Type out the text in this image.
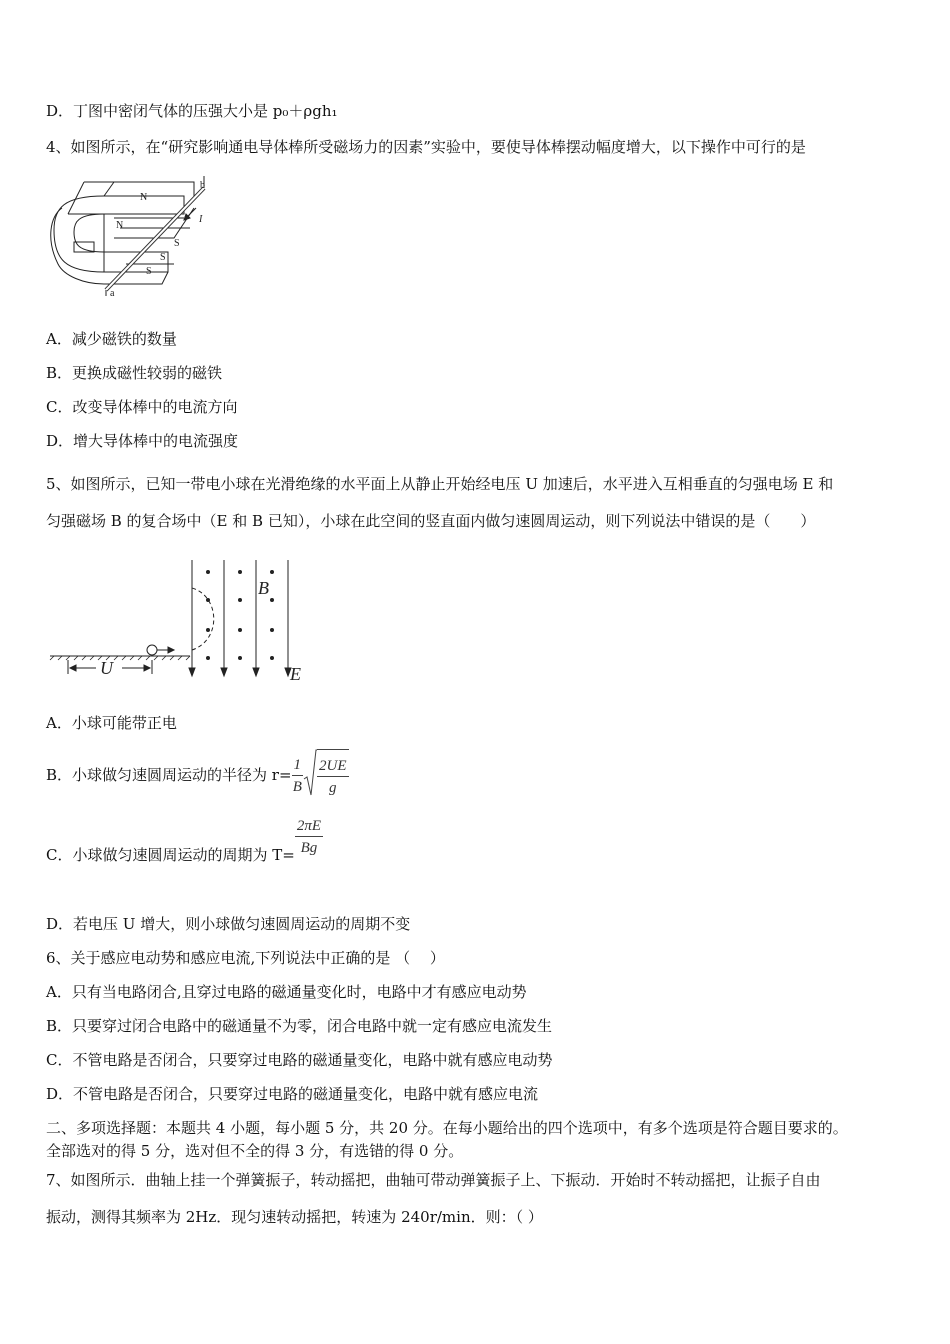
D．丁图中密闭气体的压强大小是 p₀＋ρgh₁
4、如图所示，在“研究影响通电导体棒所受磁场力的因素”实验中，要使导体棒摆动幅度增大，以下操作中可行的是
N
N
S
S
S
a
b
I
A．减少磁铁的数量
B．更换成磁性较弱的磁铁
C．改变导体棒中的电流方向
D．增大导体棒中的电流强度
5、如图所示，已知一带电小球在光滑绝缘的水平面上从静止开始经电压 U 加速后，水平进入互相垂直的匀强电场 E 和
匀强磁场 B 的复合场中（E 和 B 已知），小球在此空间的竖直面内做匀速圆周运动，则下列说法中错误的是（　　）
B
U	E
A．小球可能带正电
B．小球做匀速圆周运动的半径为 $r= \frac{1}{B} \frac{2UE}{g}$
C．小球做匀速圆周运动的周期为 $T= \frac{2\pi E}{Bg}$
D．若电压 U 增大，则小球做匀速圆周运动的周期不变
6、关于感应电动势和感应电流,下列说法中正确的是 （　 ）
A．只有当电路闭合,且穿过电路的磁通量变化时，电路中才有感应电动势
B．只要穿过闭合电路中的磁通量不为零，闭合电路中就一定有感应电流发生
C．不管电路是否闭合，只要穿过电路的磁通量变化，电路中就有感应电动势
D．不管电路是否闭合，只要穿过电路的磁通量变化，电路中就有感应电流
二、多项选择题：本题共 4 小题，每小题 5 分，共 20 分。在每小题给出的四个选项中，有多个选项是符合题目要求的。
全部选对的得 5 分，选对但不全的得 3 分，有选错的得 0 分。
7、如图所示．曲轴上挂一个弹簧振子，转动摇把，曲轴可带动弹簧振子上、下振动．开始时不转动摇把，让振子自由
振动，测得其频率为 2Hz．现匀速转动摇把，转速为 240r/min．则：（ ）
